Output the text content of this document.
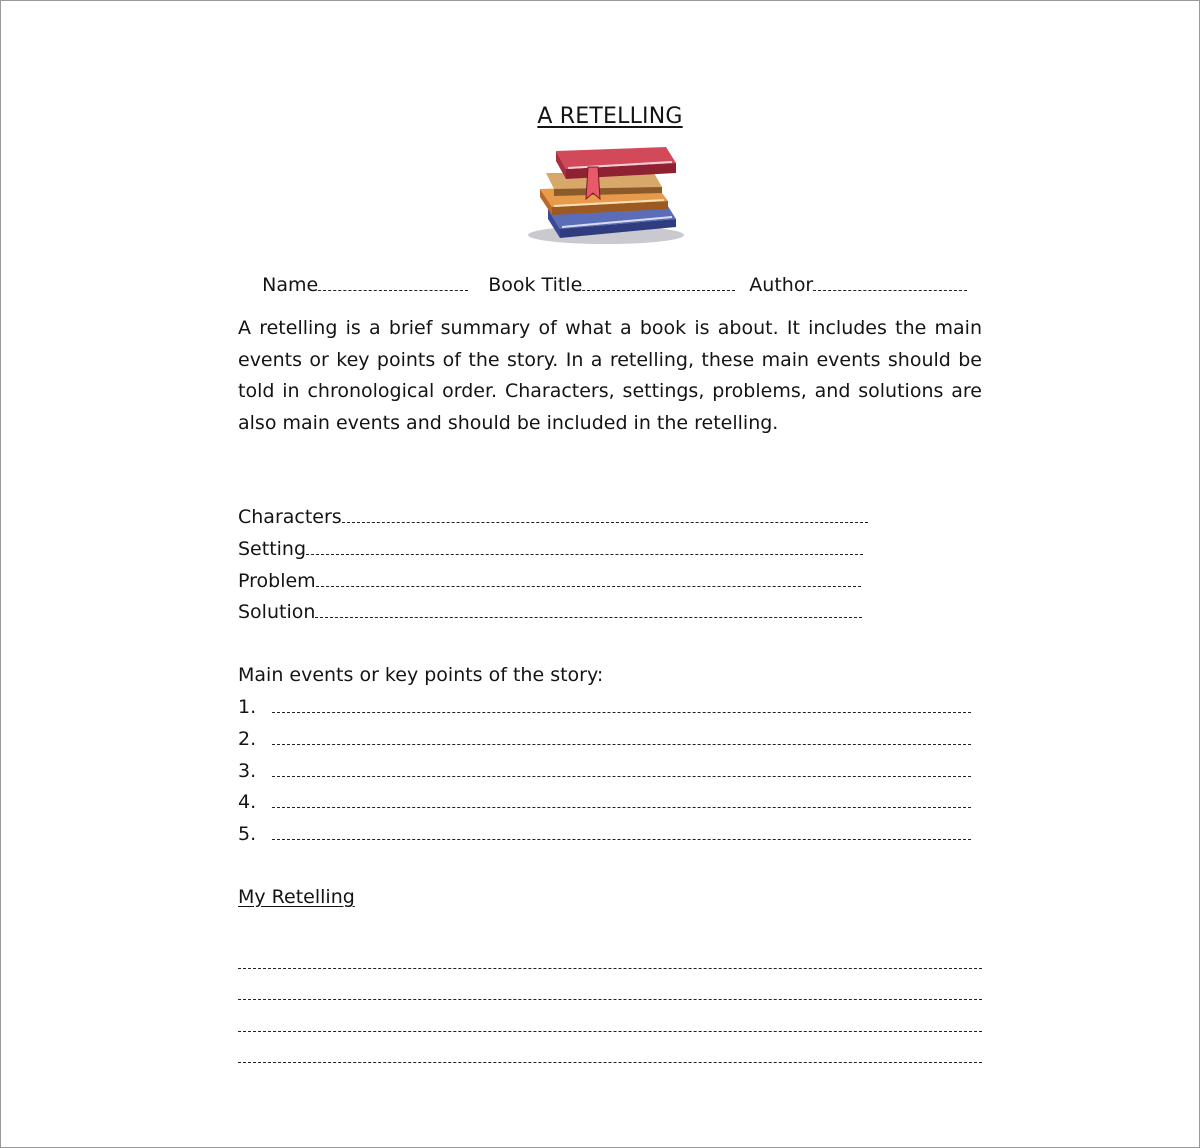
A RETELLING

Name	Book Title	Author

A retelling is a brief summary of what a book is about. It includes the main events or key points of the story. In a retelling, these main events should be told in chronological order. Characters, settings, problems, and solutions are also main events and should be included in the retelling.
Characters
Setting
Problem
Solution
Main events or key points of the story:
1.
2.
3.
4.
5.
My Retelling
